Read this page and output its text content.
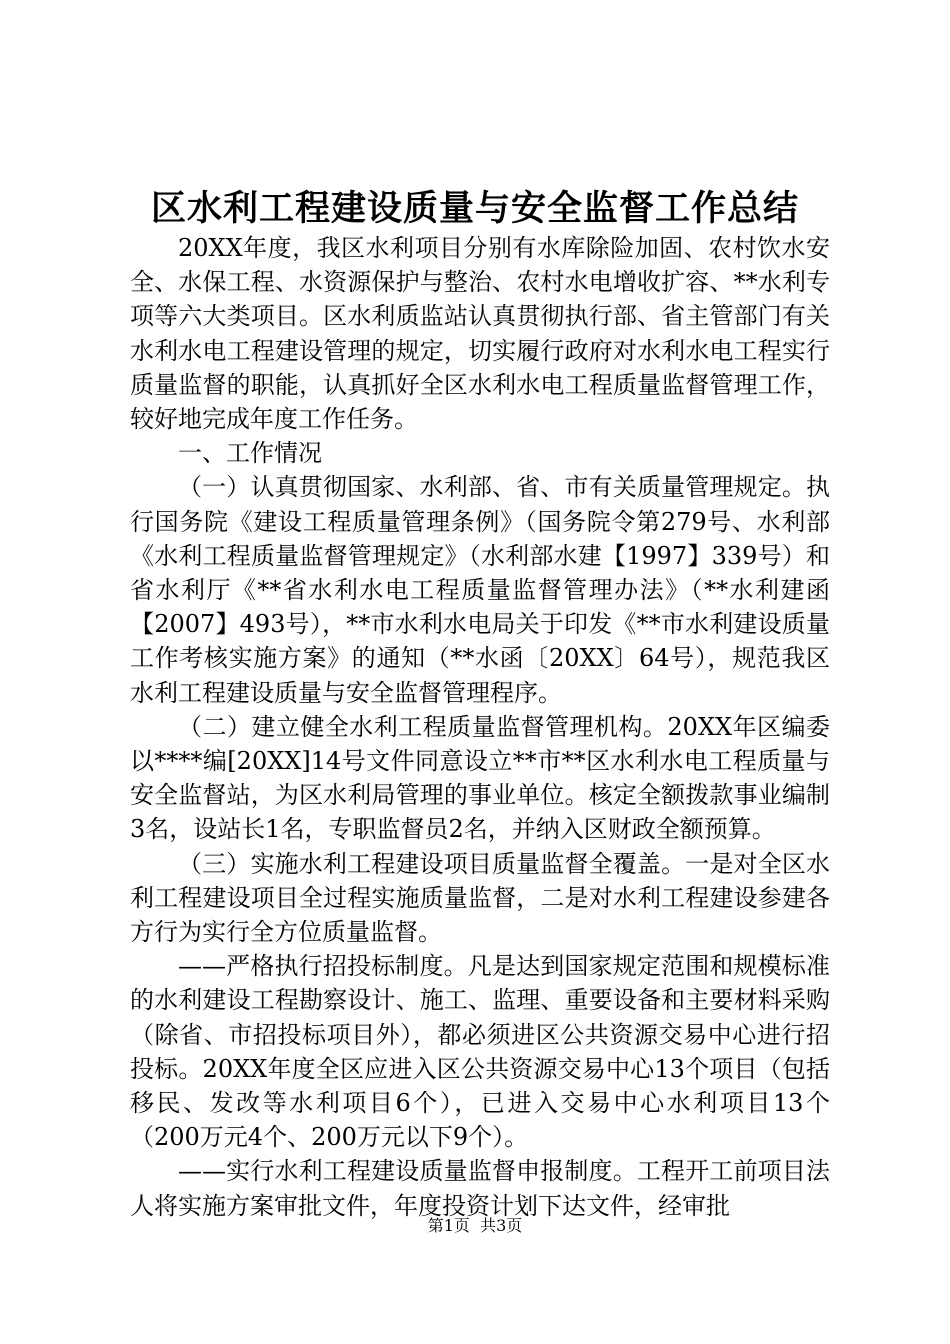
区水利工程建设质量与安全监督工作总结

20XX年度，我区水利项目分别有水库除险加固、农村饮水安全、水保工程、水资源保护与整治、农村水电增收扩容、**水利专项等六大类项目。区水利质监站认真贯彻执行部、省主管部门有关水利水电工程建设管理的规定，切实履行政府对水利水电工程实行质量监督的职能，认真抓好全区水利水电工程质量监督管理工作，较好地完成年度工作任务。

一、工作情况

（一）认真贯彻国家、水利部、省、市有关质量管理规定。执行国务院《建设工程质量管理条例》（国务院令第279号、水利部《水利工程质量监督管理规定》（水利部水建【1997】339号）和省水利厅《**省水利水电工程质量监督管理办法》（**水利建函【2007】493号），**市水利水电局关于印发《**市水利建设质量工作考核实施方案》的通知（**水函〔20XX〕64号），规范我区水利工程建设质量与安全监督管理程序。

（二）建立健全水利工程质量监督管理机构。20XX年区编委以****编[20XX]14号文件同意设立**市**区水利水电工程质量与安全监督站，为区水利局管理的事业单位。核定全额拨款事业编制3名，设站长1名，专职监督员2名，并纳入区财政全额预算。

（三）实施水利工程建设项目质量监督全覆盖。一是对全区水利工程建设项目全过程实施质量监督，二是对水利工程建设参建各方行为实行全方位质量监督。

——严格执行招投标制度。凡是达到国家规定范围和规模标准的水利建设工程勘察设计、施工、监理、重要设备和主要材料采购（除省、市招投标项目外），都必须进区公共资源交易中心进行招投标。20XX年度全区应进入区公共资源交易中心13个项目（包括移民、发改等水利项目6个），已进入交易中心水利项目13个（200万元4个、200万元以下9个）。

——实行水利工程建设质量监督申报制度。工程开工前项目法人将实施方案审批文件，年度投资计划下达文件，经审批

第1页 共3页
